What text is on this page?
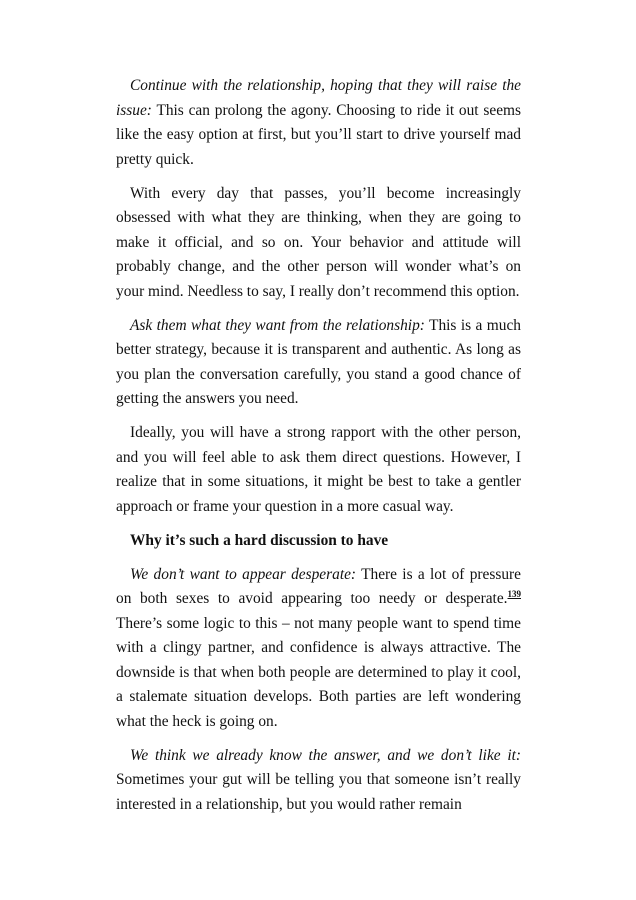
Continue with the relationship, hoping that they will raise the issue: This can prolong the agony. Choosing to ride it out seems like the easy option at first, but you’ll start to drive yourself mad pretty quick.

With every day that passes, you’ll become increasingly obsessed with what they are thinking, when they are going to make it official, and so on. Your behavior and attitude will probably change, and the other person will wonder what’s on your mind. Needless to say, I really don’t recommend this option.

Ask them what they want from the relationship: This is a much better strategy, because it is transparent and authentic. As long as you plan the conversation carefully, you stand a good chance of getting the answers you need.

Ideally, you will have a strong rapport with the other person, and you will feel able to ask them direct questions. However, I realize that in some situations, it might be best to take a gentler approach or frame your question in a more casual way.

Why it’s such a hard discussion to have

We don’t want to appear desperate: There is a lot of pressure on both sexes to avoid appearing too needy or desperate.$^{139}$ There’s some logic to this – not many people want to spend time with a clingy partner, and confidence is always attractive. The downside is that when both people are determined to play it cool, a stalemate situation develops. Both parties are left wondering what the heck is going on.

We think we already know the answer, and we don’t like it: Sometimes your gut will be telling you that someone isn’t really interested in a relationship, but you would rather remain
